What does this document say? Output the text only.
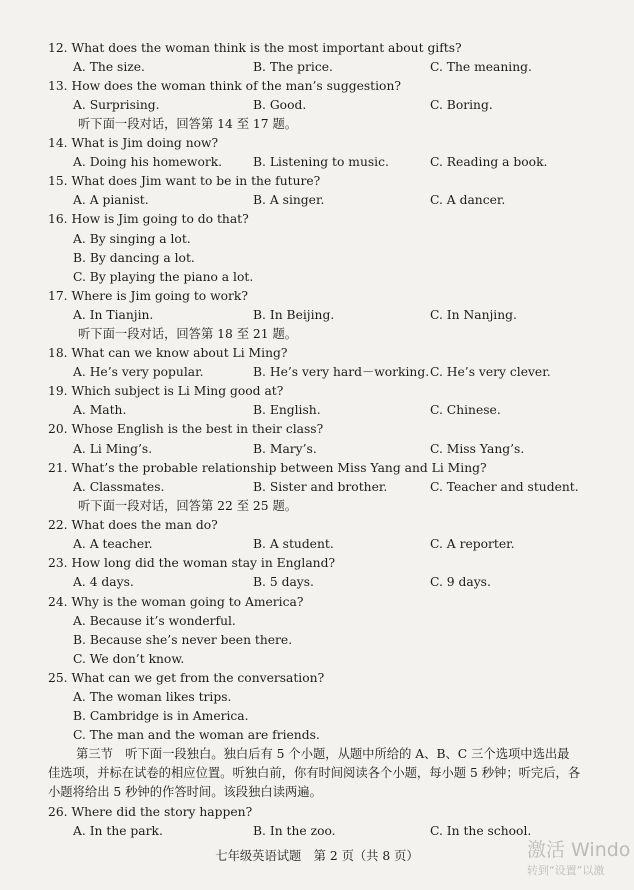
12. What does the woman think is the most important about gifts?
A. The size.	B. The price.	C. The meaning.
13. How does the woman think of the man’s suggestion?
A. Surprising.	B. Good.	C. Boring.
听下面一段对话，回答第 14 至 17 题。
14. What is Jim doing now?
A. Doing his homework.	B. Listening to music.	C. Reading a book.
15. What does Jim want to be in the future?
A. A pianist.	B. A singer.	C. A dancer.
16. How is Jim going to do that?
A. By singing a lot.
B. By dancing a lot.
C. By playing the piano a lot.
17. Where is Jim going to work?
A. In Tianjin.	B. In Beijing.	C. In Nanjing.
听下面一段对话，回答第 18 至 21 题。
18. What can we know about Li Ming?
A. He’s very popular.	B. He’s very hard－working. C. He’s very clever.
19. Which subject is Li Ming good at?
A. Math.	B. English.	C. Chinese.
20. Whose English is the best in their class?
A. Li Ming’s.	B. Mary’s.	C. Miss Yang’s.
21. What’s the probable relationship between Miss Yang and Li Ming?
A. Classmates.	B. Sister and brother.	C. Teacher and student.
听下面一段对话，回答第 22 至 25 题。
22. What does the man do?
A. A teacher.	B. A student.	C. A reporter.
23. How long did the woman stay in England?
A. 4 days.	B. 5 days.	C. 9 days.
24. Why is the woman going to America?
A. Because it’s wonderful.
B. Because she’s never been there.
C. We don’t know.
25. What can we get from the conversation?
A. The woman likes trips.
B. Cambridge is in America.
C. The man and the woman are friends.
第三节　听下面一段独白。独白后有 5 个小题，从题中所给的 A、B、C 三个选项中选出最
佳选项，并标在试卷的相应位置。听独白前，你有时间阅读各个小题，每小题 5 秒钟；听完后，各
小题将给出 5 秒钟的作答时间。该段独白读两遍。
26. Where did the story happen?
A. In the park.	B. In the zoo.	C. In the school.
七年级英语试题　第 2 页（共 8 页）	激活 Windo
转到“设置”以激
